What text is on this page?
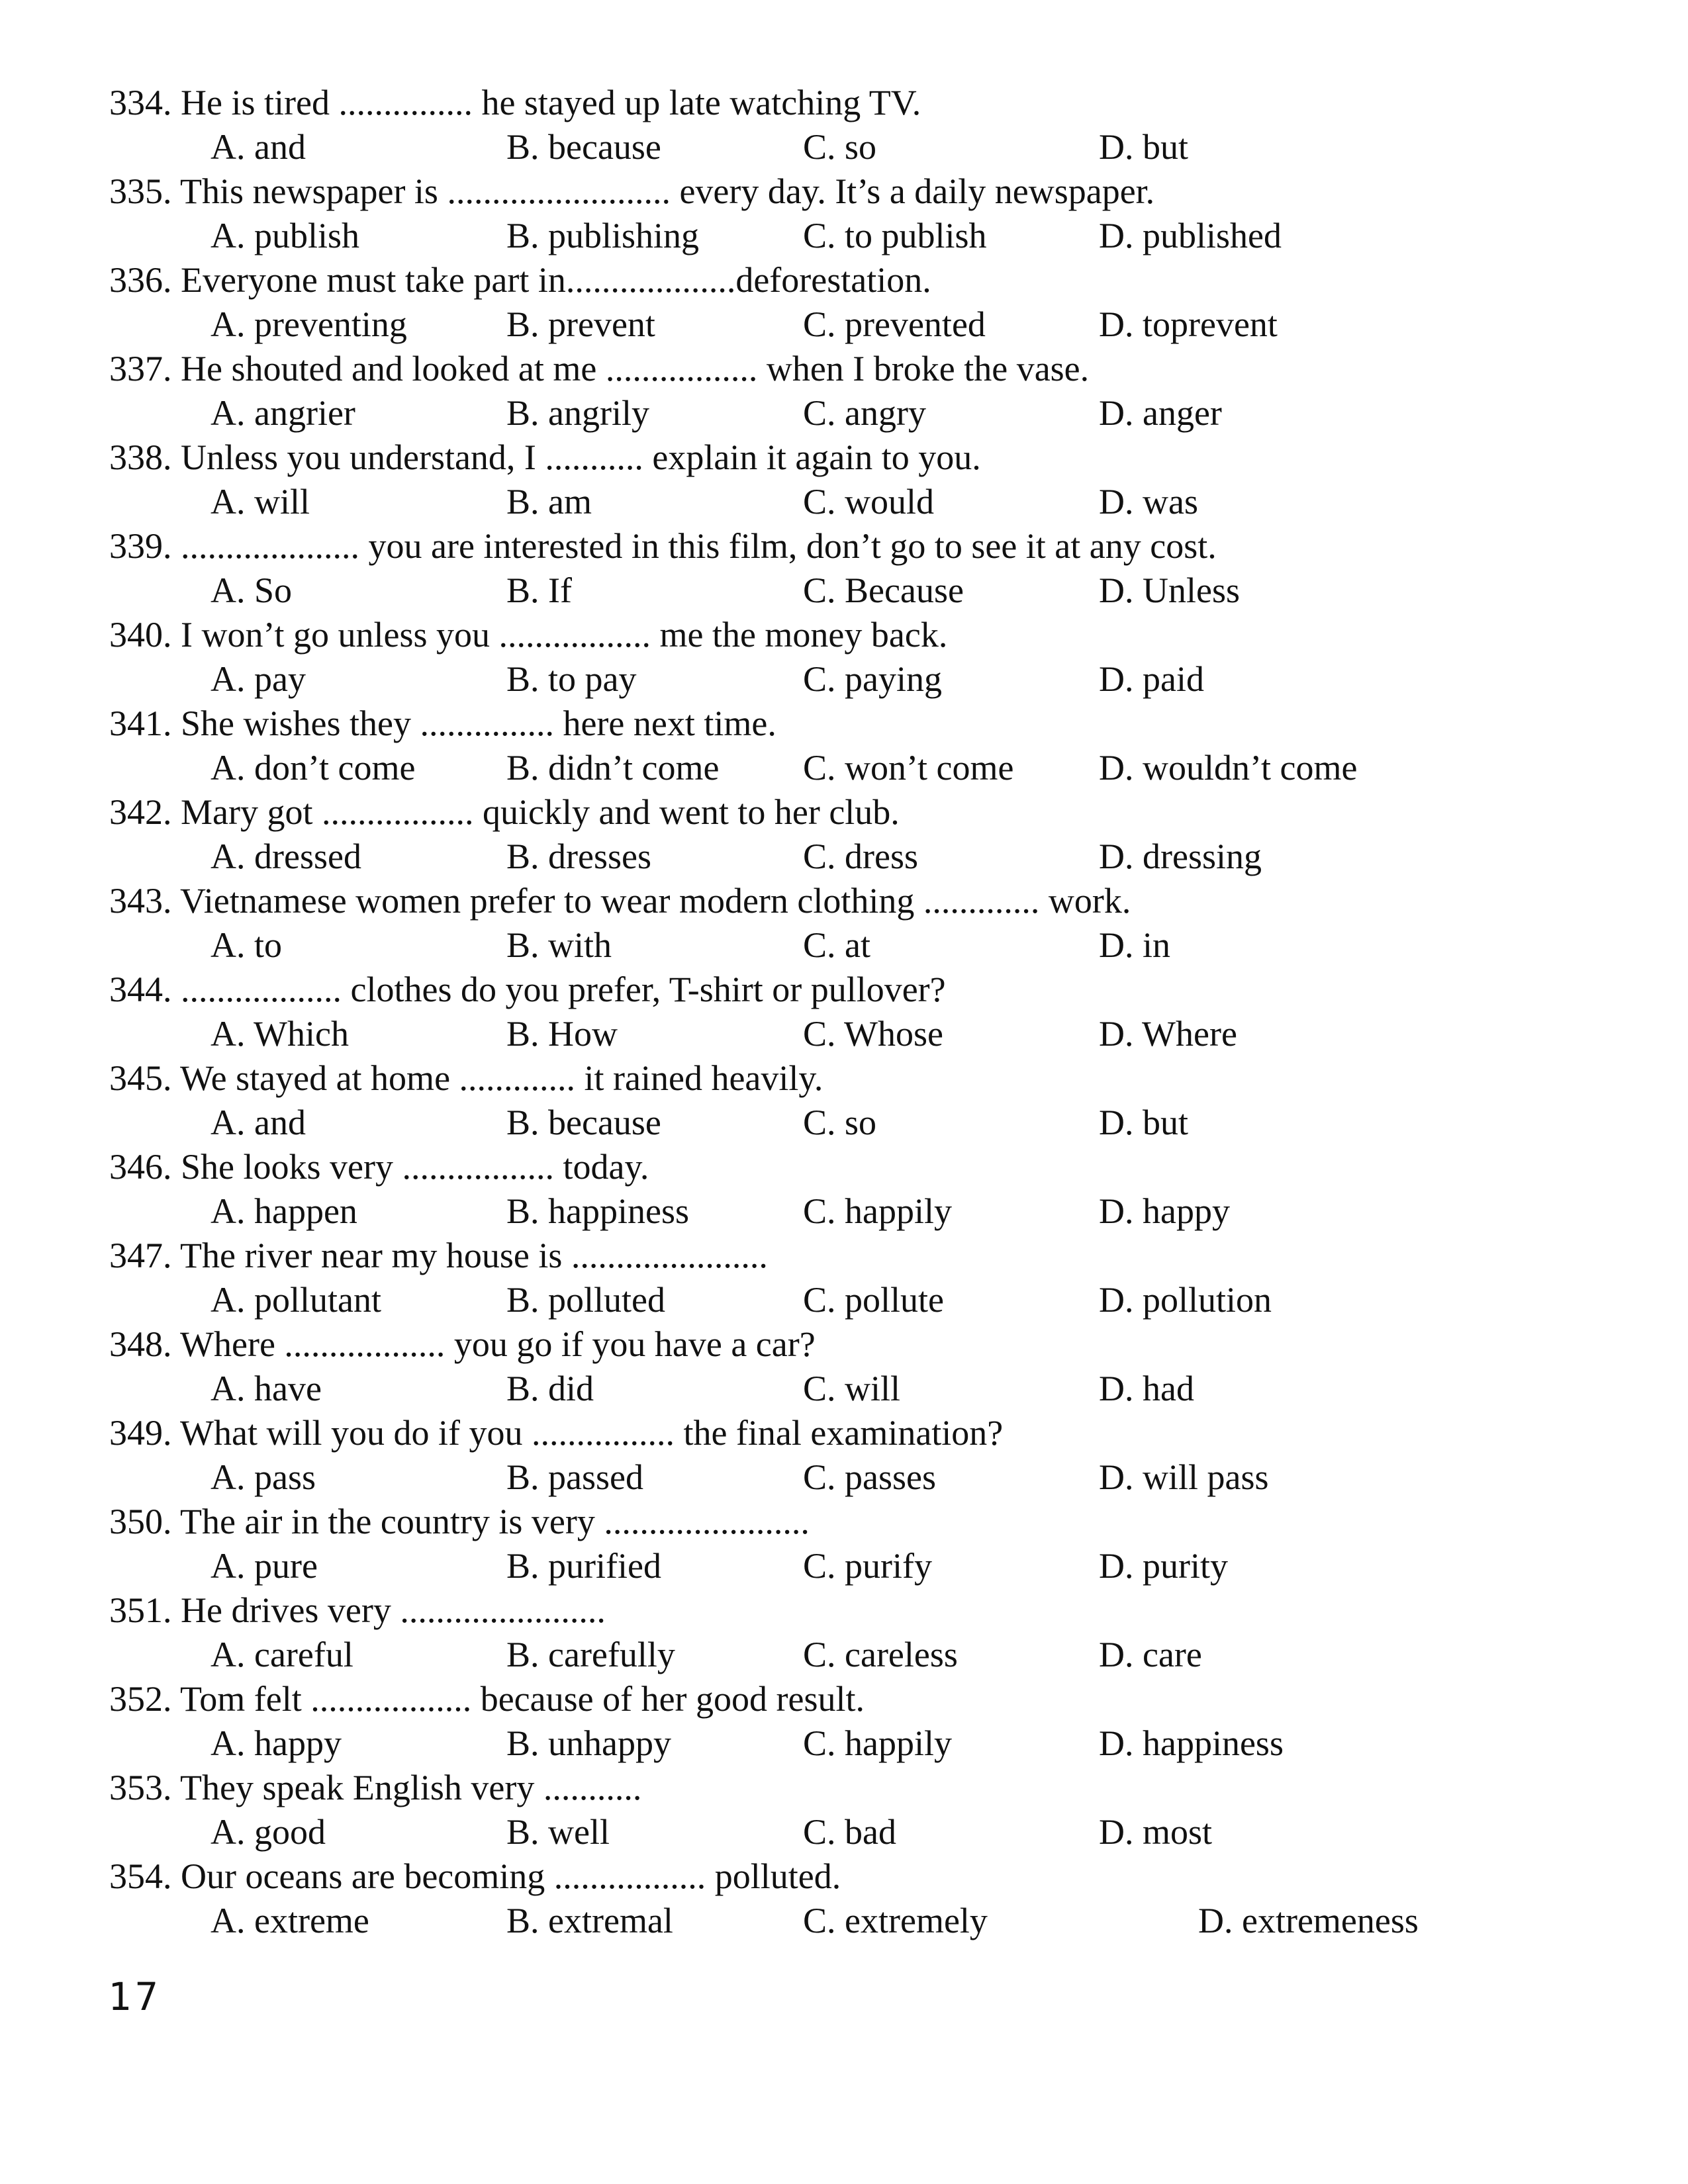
334. He is tired ............... he stayed up late watching TV.
A. and	B. because	C. so	D. but
335. This newspaper is ......................... every day. It’s a daily newspaper.
A. publish	B. publishing	C. to publish	D. published
336. Everyone must take part in...................deforestation.
A. preventing	B. prevent	C. prevented	D. toprevent
337. He shouted and looked at me ................. when I broke the vase.
A. angrier	B. angrily	C. angry	D. anger
338. Unless you understand, I ........... explain it again to you.
A. will	B. am	C. would	D. was
339. .................... you are interested in this film, don’t go to see it at any cost.
A. So	B. If	C. Because	D. Unless
340. I won’t go unless you ................. me the money back.
A. pay	B. to pay	C. paying	D. paid
341. She wishes they ............... here next time.
A. don’t come	B. didn’t come C. won’t come D. wouldn’t come
342. Mary got ................. quickly and went to her club.
A. dressed	B. dresses	C. dress	D. dressing
343. Vietnamese women prefer to wear modern clothing ............. work.
A. to	B. with	C. at	D. in
344. .................. clothes do you prefer, T-shirt or pullover?
A. Which	B. How	C. Whose	D. Where
345. We stayed at home ............. it rained heavily.
A. and	B. because	C. so	D. but
346. She looks very ................. today.
A. happen	B. happiness	C. happily	D. happy
347. The river near my house is ......................
A. pollutant	B. polluted	C. pollute	D. pollution
348. Where .................. you go if you have a car?
A. have	B. did	C. will	D. had
349. What will you do if you ................ the final examination?
A. pass	B. passed	C. passes	D. will pass
350. The air in the country is very .......................
A. pure	B. purified	C. purify	D. purity
351. He drives very .......................
A. careful	B. carefully	C. careless	D. care
352. Tom felt .................. because of her good result.
A. happy	B. unhappy	C. happily	D. happiness
353. They speak English very ...........
A. good	B. well	C. bad	D. most
354. Our oceans are becoming ................. polluted.
A. extreme	B. extremal	C. extremely	D. extremeness
17
